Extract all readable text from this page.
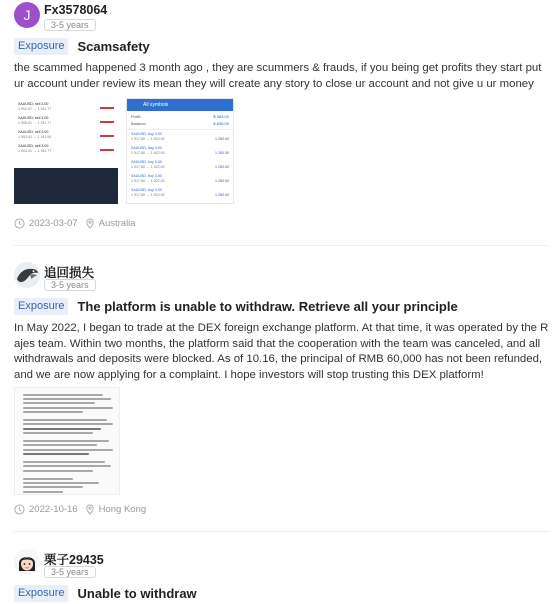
J	Fx3578064
3-5 years
Exposure	Scamsafety
the scammed happened 3 month ago , they are scummers & frauds, if you being get profits they start put ur account under review its mean they will create any story to close ur account and not give u ur money
XAUUSD, sell 3.00
1 902.97 → 1 911.77
XAUUSD, sell 3.00
1 905.01 → 1 911.77
XAUUSD, sell 3.00
1 903.41 → 1 911.94
XAUUSD, sell 3.00
1 903.41 → 1 911.77
All symbols
Profit:	$ 383.00
Balance:	$ 836.00
XAUUSD, buy 3.00
1 917.80 → 1 922.00	1 260.00
XAUUSD, buy 3.00
1 917.80 → 1 922.00	1 260.00
XAUUSD, buy 3.00
1 917.80 → 1 922.00	1 260.00
XAUUSD, buy 3.00
1 917.80 → 1 922.00	1 260.00
XAUUSD, buy 3.00
1 917.80 → 1 922.00	1 260.00
2023-03-07 Australia
追回损失
3-5 years
Exposure	The platform is unable to withdraw. Retrieve all your principle
In May 2022, I began to trade at the DEX foreign exchange platform. At that time, it was operated by the Rajes team. Within two months, the platform said that the cooperation with the team was canceled, and all withdrawals and deposits were blocked. As of 10.16, the principal of RMB 60,000 has not been refunded, and we are now applying for a complaint. I hope investors will stop trusting this DEX platform!
2022-10-16 Hong Kong
栗子29435
3-5 years
Exposure	Unable to withdraw
